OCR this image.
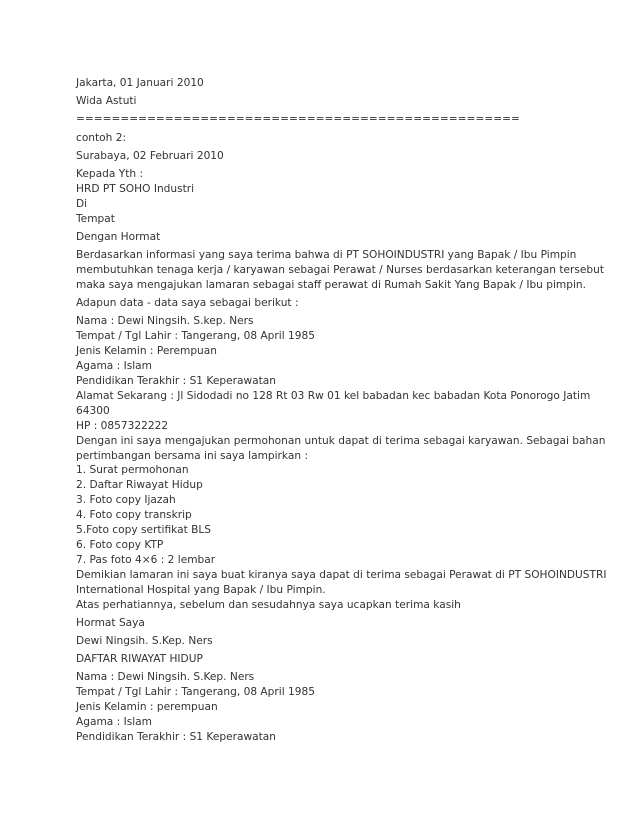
Jakarta, 01 Januari 2010
Wida Astuti
==================================================
contoh 2:
Surabaya, 02 Februari 2010
Kepada Yth :
HRD PT SOHO Industri
Di
Tempat
Dengan Hormat
Berdasarkan informasi yang saya terima bahwa di PT SOHOINDUSTRI yang Bapak / Ibu Pimpin
membutuhkan tenaga kerja / karyawan sebagai Perawat / Nurses berdasarkan keterangan tersebut
maka saya mengajukan lamaran sebagai staff perawat di Rumah Sakit Yang Bapak / Ibu pimpin.
Adapun data - data saya sebagai berikut :
Nama : Dewi Ningsih. S.kep. Ners
Tempat / Tgl Lahir : Tangerang, 08 April 1985
Jenis Kelamin : Perempuan
Agama : Islam
Pendidikan Terakhir : S1 Keperawatan
Alamat Sekarang : Jl Sidodadi no 128 Rt 03 Rw 01 kel babadan kec babadan Kota Ponorogo Jatim
64300
HP : 0857322222
Dengan ini saya mengajukan permohonan untuk dapat di terima sebagai karyawan. Sebagai bahan
pertimbangan bersama ini saya lampirkan :
1. Surat permohonan
2. Daftar Riwayat Hidup
3. Foto copy Ijazah
4. Foto copy transkrip
5.Foto copy sertifikat BLS
6. Foto copy KTP
7. Pas foto 4×6 : 2 lembar
Demikian lamaran ini saya buat kiranya saya dapat di terima sebagai Perawat di PT SOHOINDUSTRI
International Hospital yang Bapak / Ibu Pimpin.
Atas perhatiannya, sebelum dan sesudahnya saya ucapkan terima kasih
Hormat Saya
Dewi Ningsih. S.Kep. Ners
DAFTAR RIWAYAT HIDUP
Nama : Dewi Ningsih. S.Kep. Ners
Tempat / Tgl Lahir : Tangerang, 08 April 1985
Jenis Kelamin : perempuan
Agama : Islam
Pendidikan Terakhir : S1 Keperawatan
